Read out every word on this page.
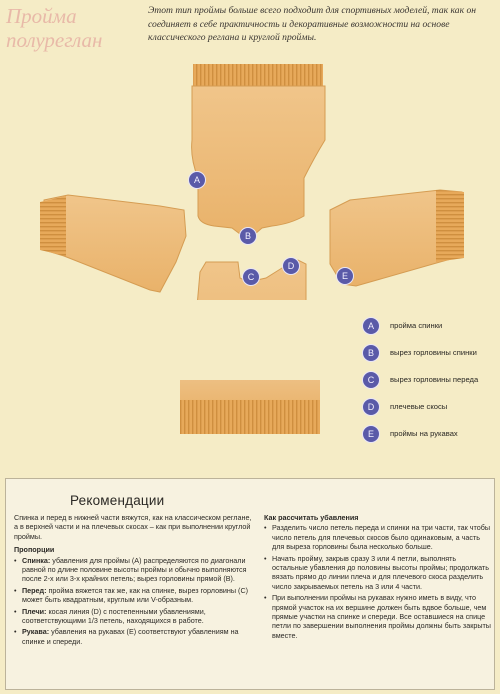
Пройма
полуреглан
Этот тип проймы больше всего подходит для спортивных моделей, так как он соединяет в себе практичность и декоративные возможности на основе классического реглана и круглой проймы.
A
B
C
D
E
A	пройма спинки
B	вырез горловины спинки
C	вырез горловины переда
D	плечевые скосы
E	проймы на рукавах
Рекомендации
Спинка и перед в нижней части вяжутся, как на классическом реглане, а в верхней части и на плечевых скосах – как при выполнении круглой проймы.
Пропорции
• Спинка: убавления для проймы (A) распределяются по диагонали равной по длине половине высоты проймы и обычно выполняются после 2-х или 3-х крайних петель; вырез горловины прямой (B).
• Перед: пройма вяжется так же, как на спинке, вырез горловины (C) может быть квадратным, круглым или V-образным.
• Плечи: косая линия (D) с постепенными убавлениями, соответствующими 1/3 петель, находящихся в работе.
• Рукава: убавления на рукавах (E) соответствуют убавлениям на спинке и спереди.
Как рассчитать убавления
• Разделить число петель переда и спинки на три части, так чтобы число петель для плечевых скосов было одинаковым, а часть для выреза горловины была несколько больше.
• Начать пройму, закрыв сразу 3 или 4 петли, выполнять остальные убавления до половины высоты проймы; продолжать вязать прямо до линии плеча и для плечевого скоса разделить число закрываемых петель на 3 или 4 части.
• При выполнении проймы на рукавах нужно иметь в виду, что прямой участок на их вершине должен быть вдвое больше, чем прямые участки на спинке и спереди. Все оставшиеся на спице петли по завершении выполнения проймы должны быть закрыты вместе.
